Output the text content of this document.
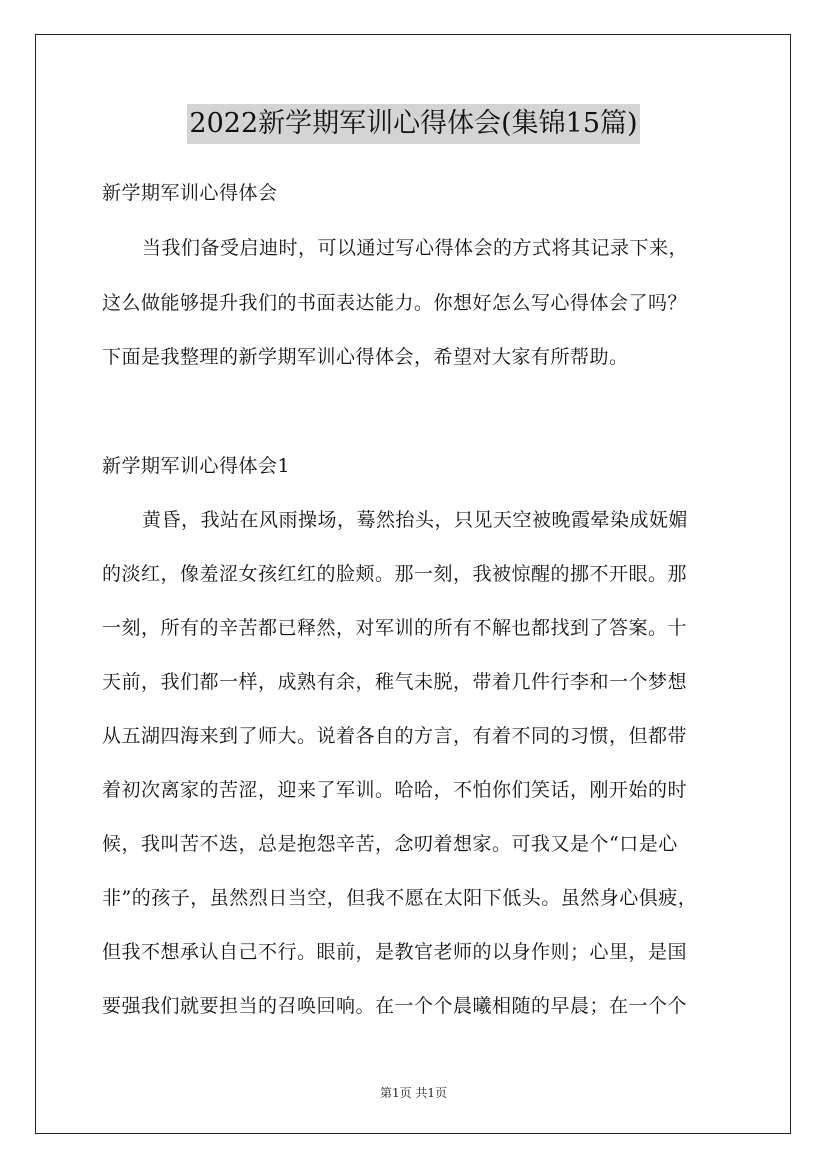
2022新学期军训心得体会(集锦15篇)
新学期军训心得体会
当我们备受启迪时，可以通过写心得体会的方式将其记录下来，
这么做能够提升我们的书面表达能力。你想好怎么写心得体会了吗？
下面是我整理的新学期军训心得体会，希望对大家有所帮助。
新学期军训心得体会1
黄昏，我站在风雨操场，蓦然抬头，只见天空被晚霞晕染成妩媚
的淡红，像羞涩女孩红红的脸颊。那一刻，我被惊醒的挪不开眼。那
一刻，所有的辛苦都已释然，对军训的所有不解也都找到了答案。十
天前，我们都一样，成熟有余，稚气未脱，带着几件行李和一个梦想
从五湖四海来到了师大。说着各自的方言，有着不同的习惯，但都带
着初次离家的苦涩，迎来了军训。哈哈，不怕你们笑话，刚开始的时
候，我叫苦不迭，总是抱怨辛苦，念叨着想家。可我又是个“口是心
非”的孩子，虽然烈日当空，但我不愿在太阳下低头。虽然身心俱疲，
但我不想承认自己不行。眼前，是教官老师的以身作则；心里，是国
要强我们就要担当的召唤回响。在一个个晨曦相随的早晨；在一个个
第1页 共1页
